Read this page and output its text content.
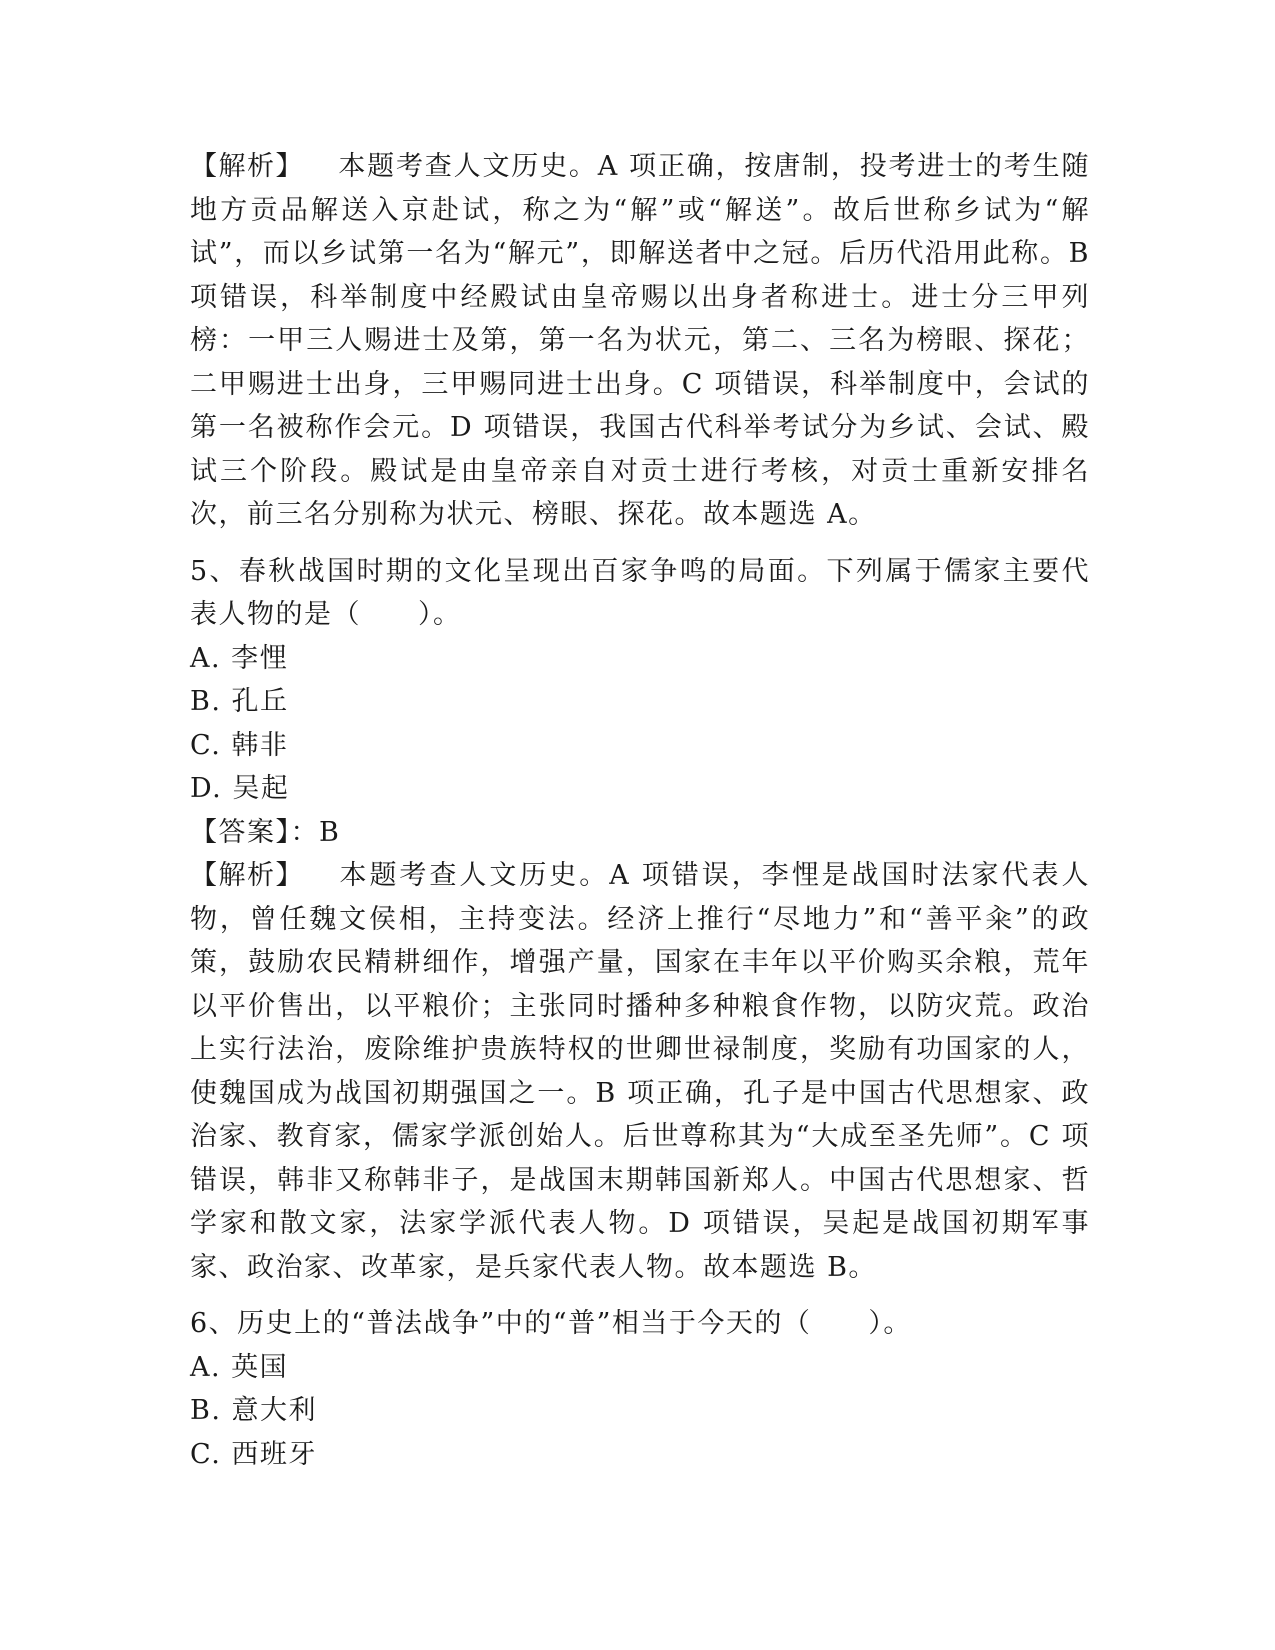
【解析】 本题考查人文历史。A 项正确，按唐制，投考进士的考生随地方贡品解送入京赴试，称之为“解”或“解送”。故后世称乡试为“解试”，而以乡试第一名为“解元”，即解送者中之冠。后历代沿用此称。B 项错误，科举制度中经殿试由皇帝赐以出身者称进士。进士分三甲列榜：一甲三人赐进士及第，第一名为状元，第二、三名为榜眼、探花；二甲赐进士出身，三甲赐同进士出身。C 项错误，科举制度中，会试的第一名被称作会元。D 项错误，我国古代科举考试分为乡试、会试、殿试三个阶段。殿试是由皇帝亲自对贡士进行考核，对贡士重新安排名次，前三名分别称为状元、榜眼、探花。故本题选 A。

5、春秋战国时期的文化呈现出百家争鸣的局面。下列属于儒家主要代表人物的是（　　）。

A. 李悝
B. 孔丘
C. 韩非
D. 吴起
【答案】：B

【解析】 本题考查人文历史。A 项错误，李悝是战国时法家代表人物，曾任魏文侯相，主持变法。经济上推行“尽地力”和“善平籴”的政策，鼓励农民精耕细作，增强产量，国家在丰年以平价购买余粮，荒年以平价售出，以平粮价；主张同时播种多种粮食作物，以防灾荒。政治上实行法治，废除维护贵族特权的世卿世禄制度，奖励有功国家的人，使魏国成为战国初期强国之一。B 项正确，孔子是中国古代思想家、政治家、教育家，儒家学派创始人。后世尊称其为“大成至圣先师”。C 项错误，韩非又称韩非子，是战国末期韩国新郑人。中国古代思想家、哲学家和散文家，法家学派代表人物。D 项错误，吴起是战国初期军事家、政治家、改革家，是兵家代表人物。故本题选 B。

6、历史上的“普法战争”中的“普”相当于今天的（　　）。

A. 英国
B. 意大利
C. 西班牙
